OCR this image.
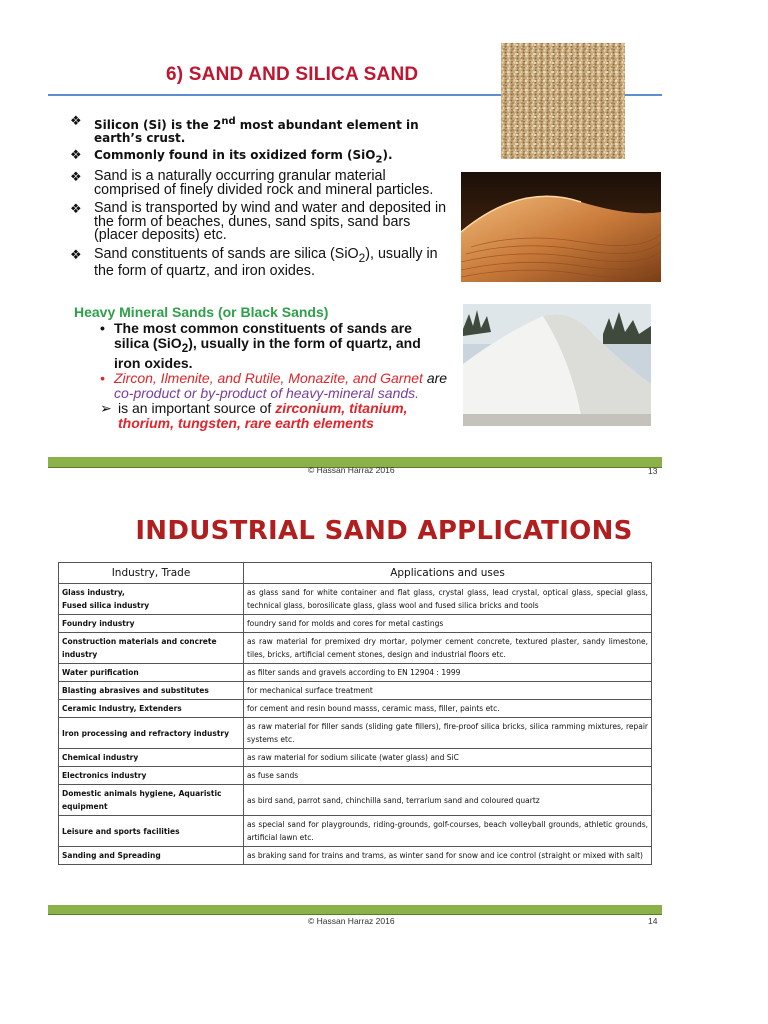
6) SAND AND SILICA SAND
❖ Silicon (Si) is the 2nd most abundant element in earth’s crust.
❖ Commonly found in its oxidized form (SiO$_2$).
❖ Sand is a naturally occurring granular material comprised of finely divided rock and mineral particles.
❖ Sand is transported by wind and water and deposited in the form of beaches, dunes, sand spits, sand bars (placer deposits) etc.
❖ Sand constituents of sands are silica (SiO$_2$), usually in the form of quartz, and iron oxides.
Heavy Mineral Sands (or Black Sands)
• The most common constituents of sands are silica (SiO$_2$), usually in the form of quartz, and iron oxides.
• Zircon, Ilmenite, and Rutile, Monazite, and Garnet are co-product or by-product of heavy-mineral sands.
➢ is an important source of zirconium, titanium, thorium, tungsten, rare earth elements
© Hassan Harraz 2016	13
INDUSTRIAL SAND APPLICATIONS
Industry, Trade	Applications and uses
Glass industry,
Fused silica industry	as glass sand for white container and flat glass, crystal glass, lead crystal, optical glass, special glass, technical glass, borosilicate glass, glass wool and fused silica bricks and tools
Foundry industry	foundry sand for molds and cores for metal castings
Construction materials and concrete industry	as raw material for premixed dry mortar, polymer cement concrete, textured plaster, sandy limestone, tiles, bricks, artificial cement stones, design and industrial floors etc.
Water purification	as filter sands and gravels according to EN 12904 : 1999
Blasting abrasives and substitutes	for mechanical surface treatment
Ceramic Industry, Extenders	for cement and resin bound masss, ceramic mass, filler, paints etc.
Iron processing and refractory industry	as raw material for filler sands (sliding gate fillers), fire-proof silica bricks, silica ramming mixtures, repair systems etc.
Chemical industry	as raw material for sodium silicate (water glass) and SiC
Electronics industry	as fuse sands
Domestic animals hygiene, Aquaristic equipment	as bird sand, parrot sand, chinchilla sand, terrarium sand and coloured quartz
Leisure and sports facilities	as special sand for playgrounds, riding-grounds, golf-courses, beach volleyball grounds, athletic grounds, artificial lawn etc.
Sanding and Spreading	as braking sand for trains and trams, as winter sand for snow and ice control (straight or mixed with salt)
© Hassan Harraz 2016	14
